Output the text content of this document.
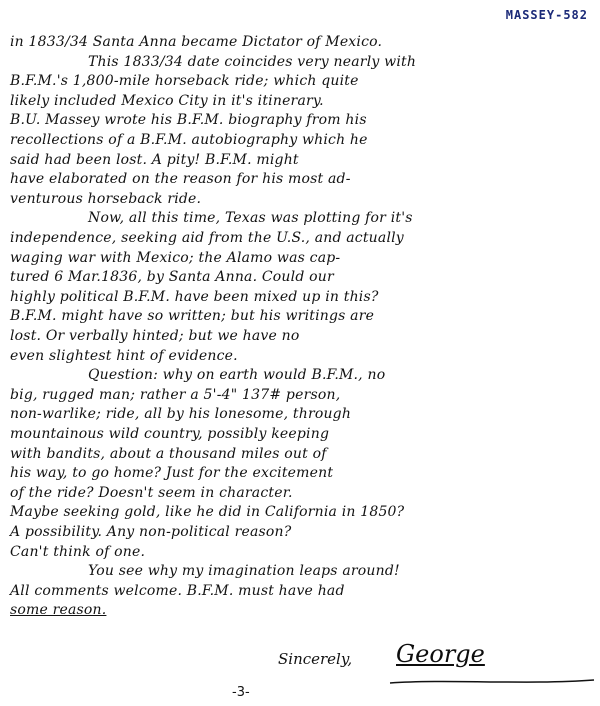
MASSEY-582
in 1833/34 Santa Anna became Dictator of Mexico.
This 1833/34 date coincides very nearly with
B.F.M.'s 1,800-mile horseback ride; which quite
likely included Mexico City in it's itinerary.
B.U. Massey wrote his B.F.M. biography from his
recollections of a B.F.M. autobiography which he
said had been lost. A pity! B.F.M. might
have elaborated on the reason for his most ad-
venturous horseback ride.
Now, all this time, Texas was plotting for it's
independence, seeking aid from the U.S., and actually
waging war with Mexico; the Alamo was cap-
tured 6 Mar.1836, by Santa Anna. Could our
highly political B.F.M. have been mixed up in this?
B.F.M. might have so written; but his writings are
lost. Or verbally hinted; but we have no
even slightest hint of evidence.
Question: why on earth would B.F.M., no
big, rugged man; rather a 5'-4" 137# person,
non-warlike; ride, all by his lonesome, through
mountainous wild country, possibly keeping
with bandits, about a thousand miles out of
his way, to go home? Just for the excitement
of the ride? Doesn't seem in character.
Maybe seeking gold, like he did in California in 1850?
A possibility. Any non-political reason?
Can't think of one.
You see why my imagination leaps around!
All comments welcome. B.F.M. must have had
some reason.
Sincerely, George
-3-
